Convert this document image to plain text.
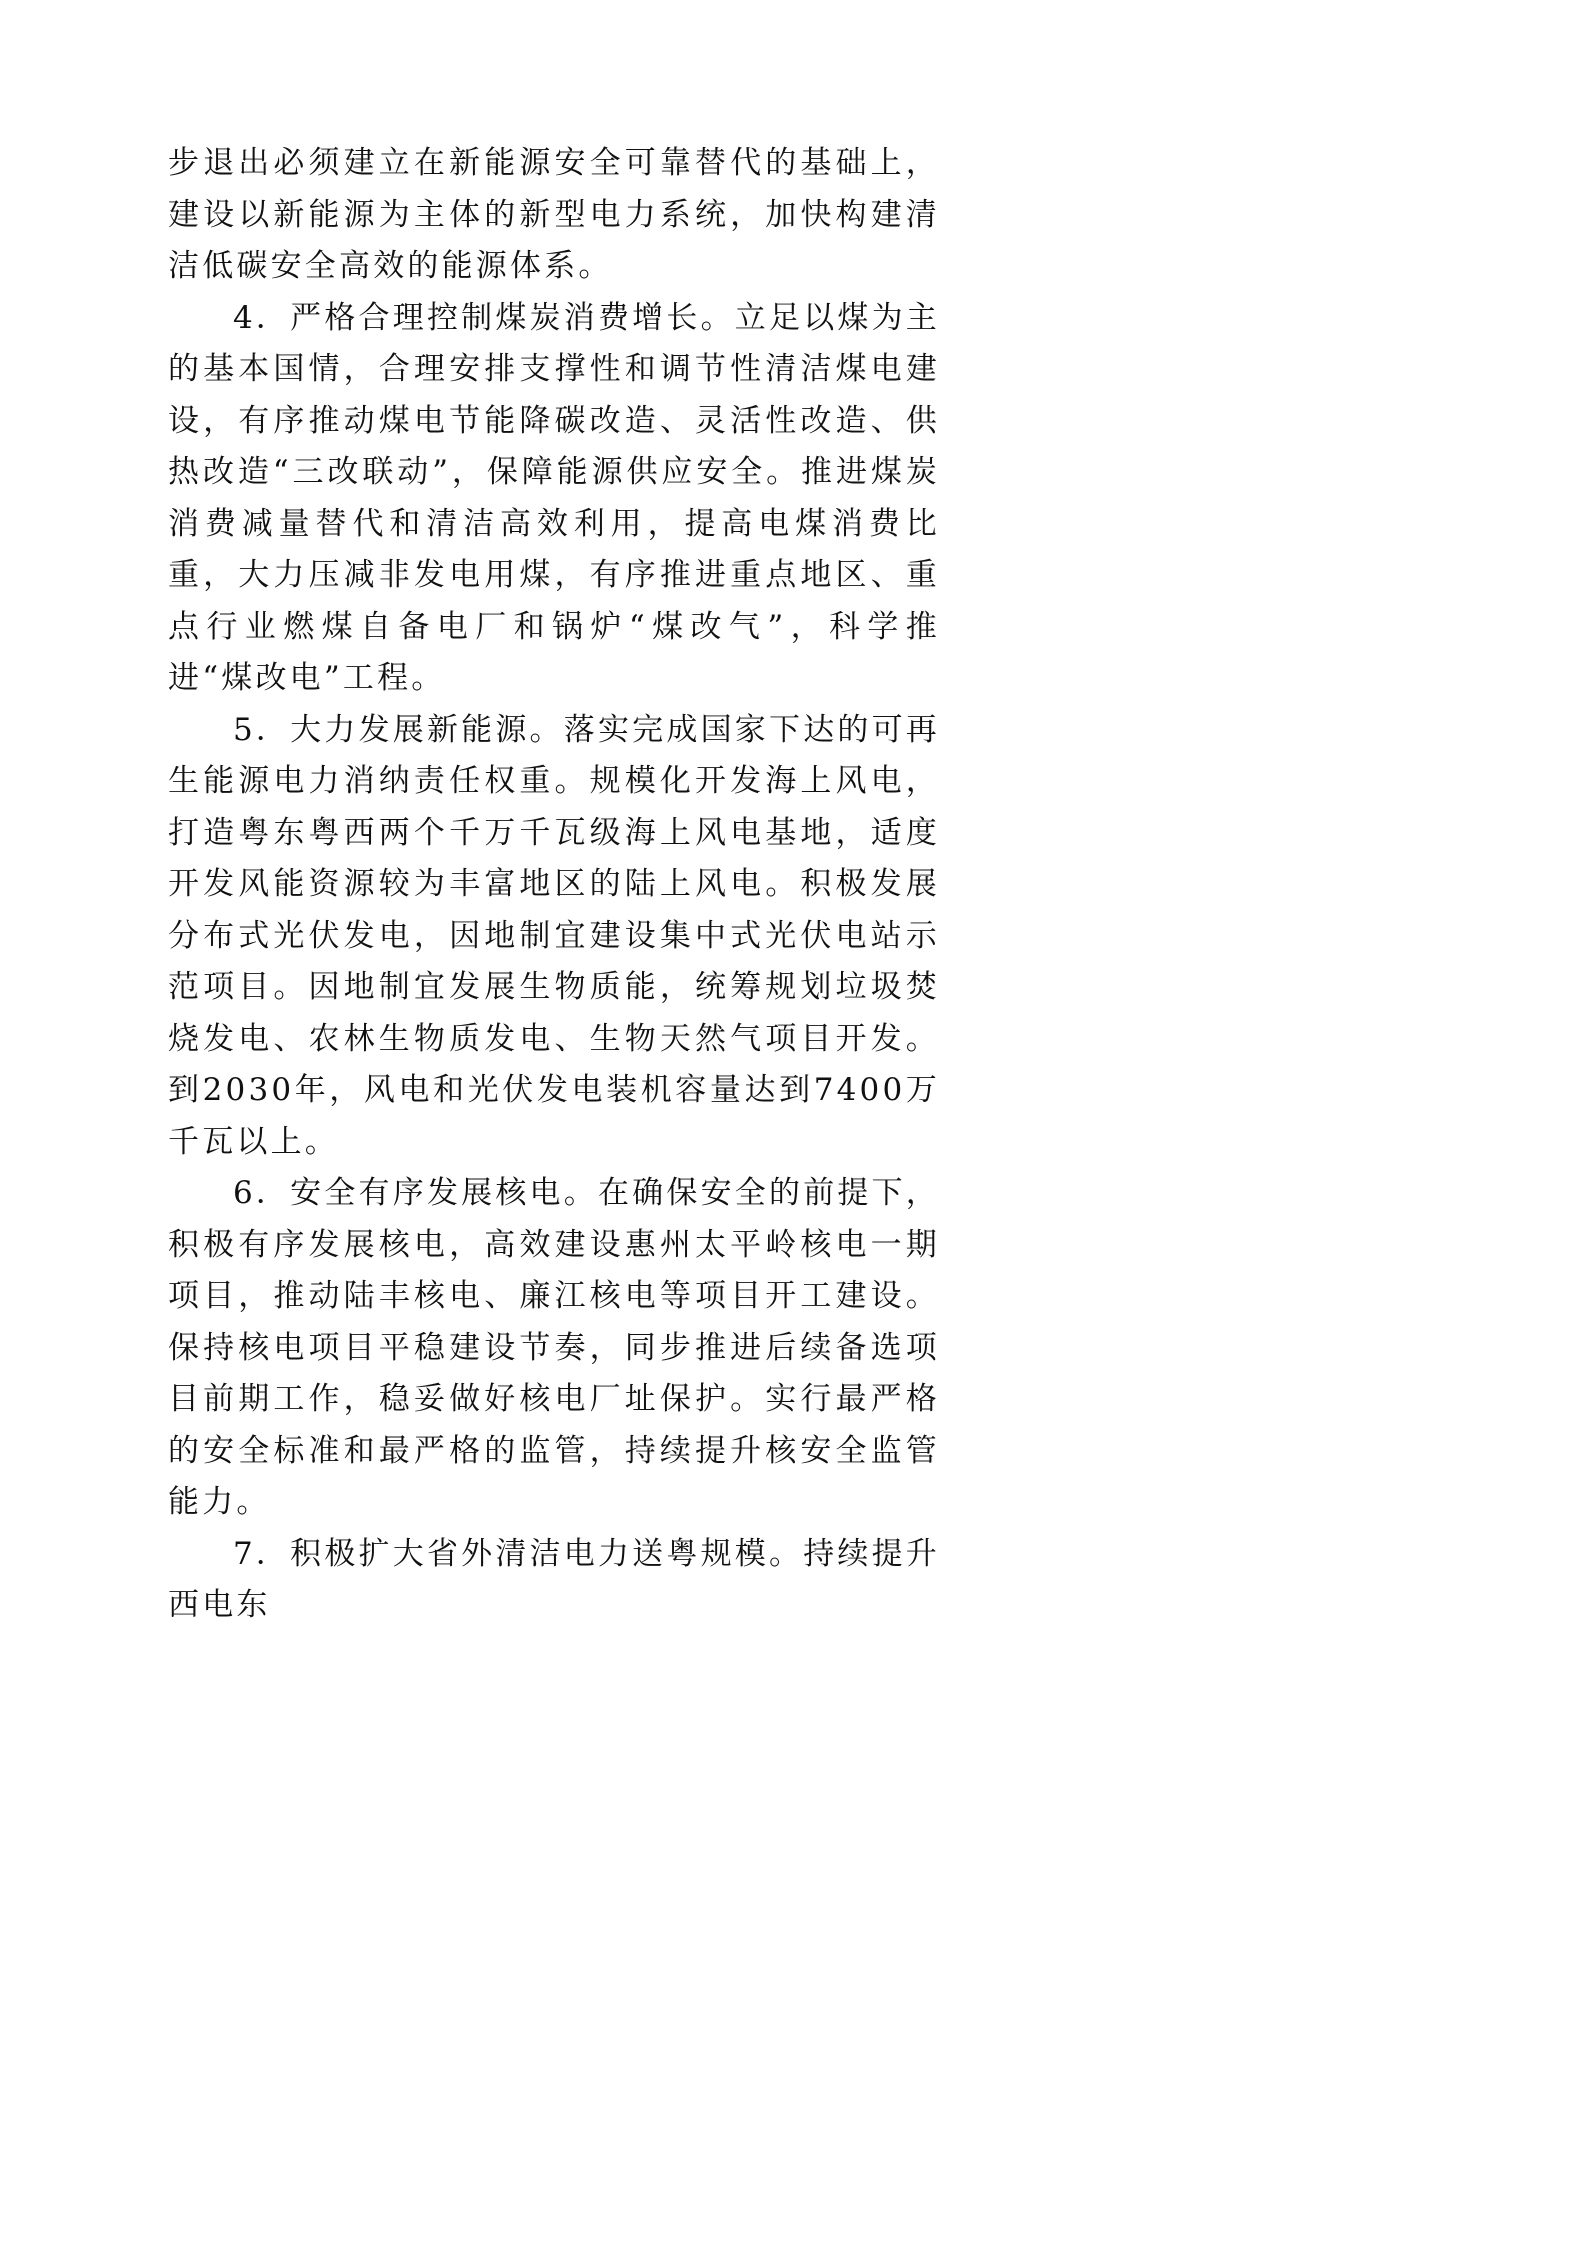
步退出必须建立在新能源安全可靠替代的基础上，建设以新能源为主体的新型电力系统，加快构建清洁低碳安全高效的能源体系。

4．严格合理控制煤炭消费增长。立足以煤为主的基本国情，合理安排支撑性和调节性清洁煤电建设，有序推动煤电节能降碳改造、灵活性改造、供热改造“三改联动”，保障能源供应安全。推进煤炭消费减量替代和清洁高效利用，提高电煤消费比重，大力压减非发电用煤，有序推进重点地区、重点行业燃煤自备电厂和锅炉“煤改气”，科学推进“煤改电”工程。

5．大力发展新能源。落实完成国家下达的可再生能源电力消纳责任权重。规模化开发海上风电，打造粤东粤西两个千万千瓦级海上风电基地，适度开发风能资源较为丰富地区的陆上风电。积极发展分布式光伏发电，因地制宜建设集中式光伏电站示范项目。因地制宜发展生物质能，统筹规划垃圾焚烧发电、农林生物质发电、生物天然气项目开发。到2030年，风电和光伏发电装机容量达到7400万千瓦以上。

6．安全有序发展核电。在确保安全的前提下，积极有序发展核电，高效建设惠州太平岭核电一期项目，推动陆丰核电、廉江核电等项目开工建设。保持核电项目平稳建设节奏，同步推进后续备选项目前期工作，稳妥做好核电厂址保护。实行最严格的安全标准和最严格的监管，持续提升核安全监管能力。

7．积极扩大省外清洁电力送粤规模。持续提升西电东
